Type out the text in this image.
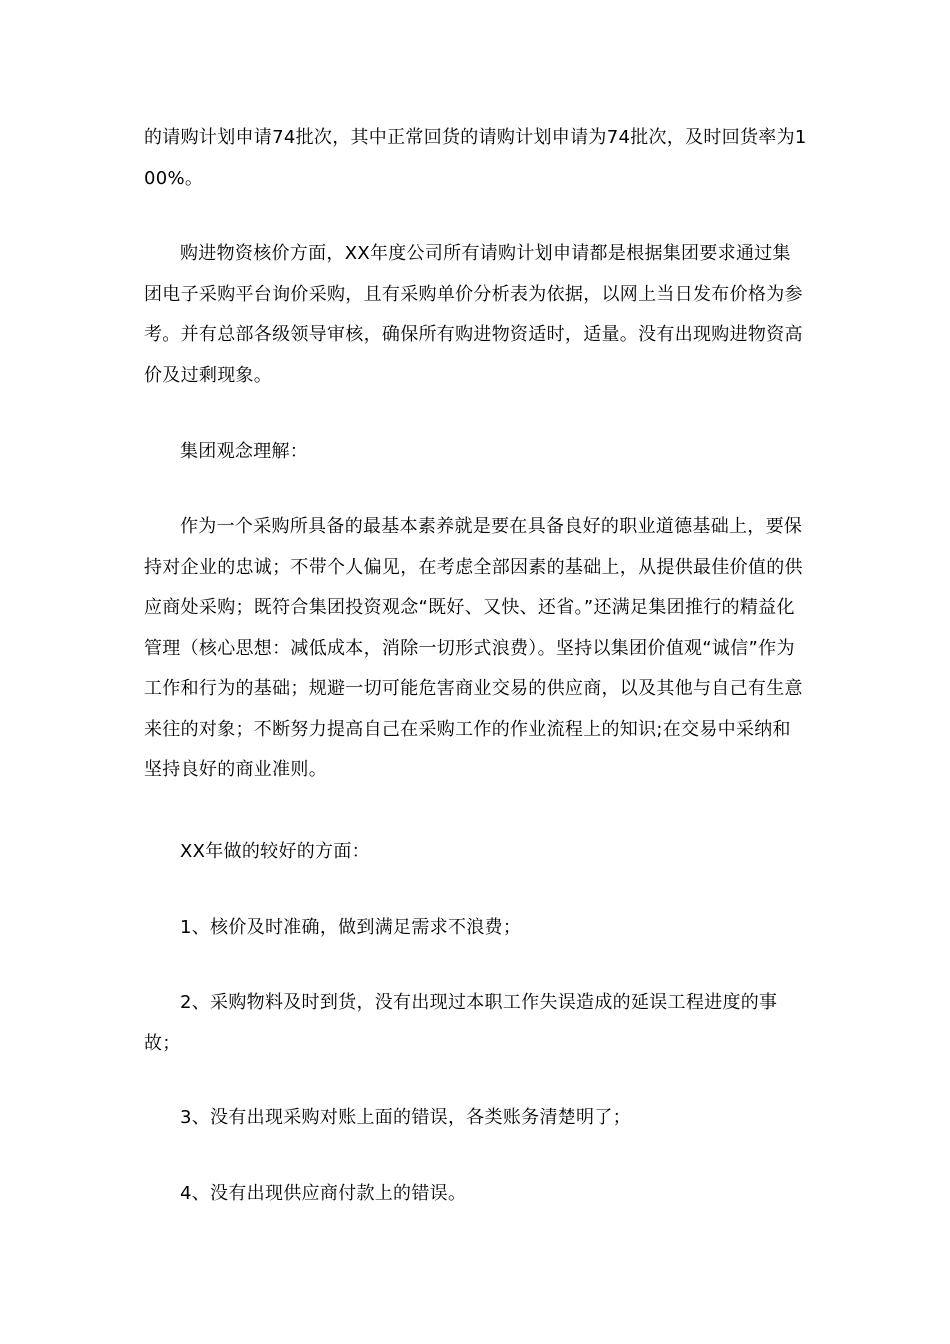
的请购计划申请74批次，其中正常回货的请购计划申请为74批次，及时回货率为100%。

购进物资核价方面，XX年度公司所有请购计划申请都是根据集团要求通过集团电子采购平台询价采购，且有采购单价分析表为依据，以网上当日发布价格为参考。并有总部各级领导审核，确保所有购进物资适时，适量。没有出现购进物资高价及过剩现象。

集团观念理解：

作为一个采购所具备的最基本素养就是要在具备良好的职业道德基础上，要保持对企业的忠诚；不带个人偏见，在考虑全部因素的基础上，从提供最佳价值的供应商处采购；既符合集团投资观念“既好、又快、还省。”还满足集团推行的精益化管理（核心思想：减低成本，消除一切形式浪费）。坚持以集团价值观“诚信”作为工作和行为的基础；规避一切可能危害商业交易的供应商，以及其他与自己有生意来往的对象；不断努力提高自己在采购工作的作业流程上的知识;在交易中采纳和坚持良好的商业准则。

XX年做的较好的方面：

1、核价及时准确，做到满足需求不浪费；

2、采购物料及时到货，没有出现过本职工作失误造成的延误工程进度的事故；

3、没有出现采购对账上面的错误，各类账务清楚明了；

4、没有出现供应商付款上的错误。
